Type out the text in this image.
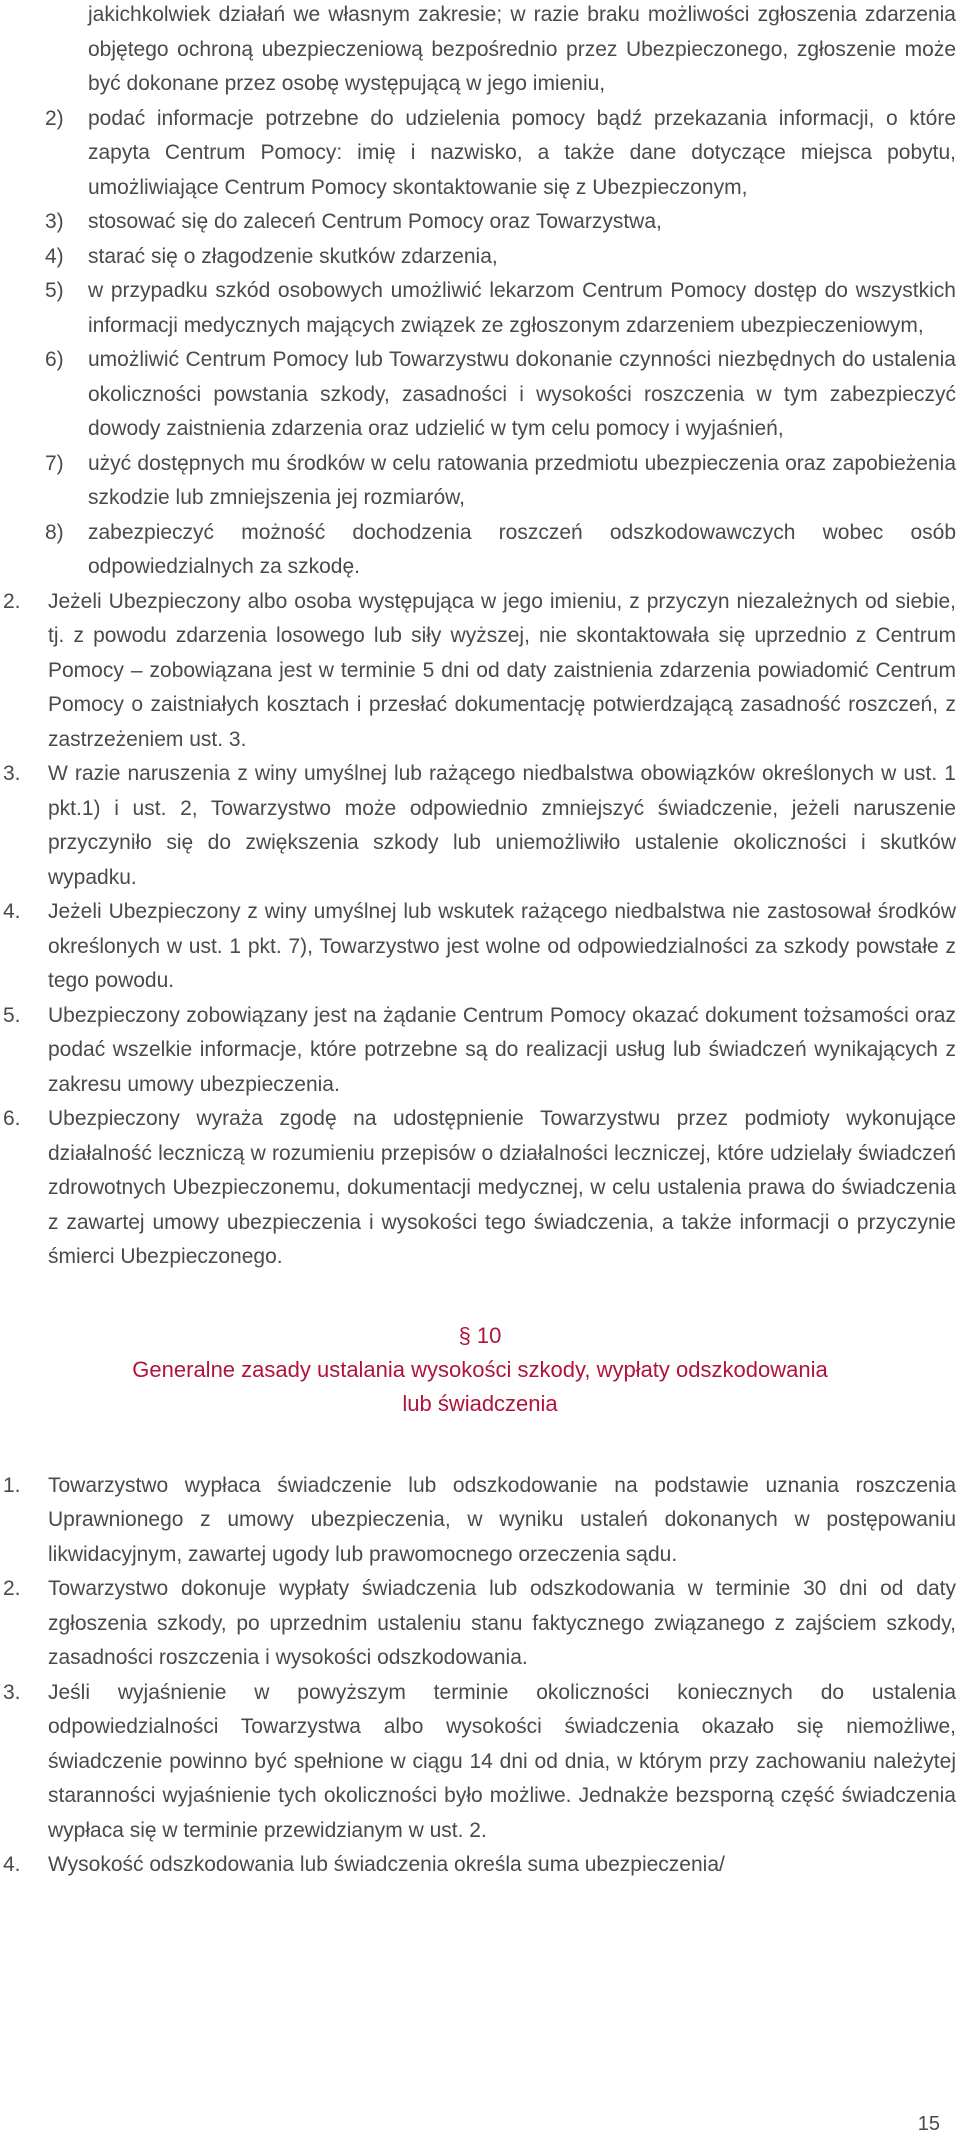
jakichkolwiek działań we własnym zakresie; w razie braku możliwości zgłoszenia zdarzenia objętego ochroną ubezpieczeniową bezpośrednio przez Ubezpieczonego, zgłoszenie może być dokonane przez osobę występującą w jego imieniu,

2)	podać informacje potrzebne do udzielenia pomocy bądź przekazania informacji, o które zapyta Centrum Pomocy: imię i nazwisko, a także dane dotyczące miejsca pobytu, umożliwiające Centrum Pomocy skontaktowanie się z Ubezpieczonym,
3)	stosować się do zaleceń Centrum Pomocy oraz Towarzystwa,
4)	starać się o złagodzenie skutków zdarzenia,
5)	w przypadku szkód osobowych umożliwić lekarzom Centrum Pomocy dostęp do wszystkich informacji medycznych mających związek ze zgłoszonym zdarzeniem ubezpieczeniowym,
6)	umożliwić Centrum Pomocy lub Towarzystwu dokonanie czynności niezbędnych do ustalenia okoliczności powstania szkody, zasadności i wysokości roszczenia w tym zabezpieczyć dowody zaistnienia zdarzenia oraz udzielić w tym celu pomocy i wyjaśnień,
7)	użyć dostępnych mu środków w celu ratowania przedmiotu ubezpieczenia oraz zapobieżenia szkodzie lub zmniejszenia jej rozmiarów,
8)	zabezpieczyć możność dochodzenia roszczeń odszkodowawczych wobec osób odpowiedzialnych za szkodę.
2.	Jeżeli Ubezpieczony albo osoba występująca w jego imieniu, z przyczyn niezależnych od siebie, tj. z powodu zdarzenia losowego lub siły wyższej, nie skontaktowała się uprzednio z Centrum Pomocy – zobowiązana jest w terminie 5 dni od daty zaistnienia zdarzenia powiadomić Centrum Pomocy o zaistniałych kosztach i przesłać dokumentację potwierdzającą zasadność roszczeń, z zastrzeżeniem ust. 3.
3.	W razie naruszenia z winy umyślnej lub rażącego niedbalstwa obowiązków określonych w ust. 1 pkt.1) i ust. 2, Towarzystwo może odpowiednio zmniejszyć świadczenie, jeżeli naruszenie przyczyniło się do zwiększenia szkody lub uniemożliwiło ustalenie okoliczności i skutków wypadku.
4.	Jeżeli Ubezpieczony z winy umyślnej lub wskutek rażącego niedbalstwa nie zastosował środków określonych w ust. 1 pkt. 7), Towarzystwo jest wolne od odpowiedzialności za szkody powstałe z tego powodu.
5.	Ubezpieczony zobowiązany jest na żądanie Centrum Pomocy okazać dokument tożsamości oraz podać wszelkie informacje, które potrzebne są do realizacji usług lub świadczeń wynikających z zakresu umowy ubezpieczenia.
6.	Ubezpieczony wyraża zgodę na udostępnienie Towarzystwu przez podmioty wykonujące działalność leczniczą w rozumieniu przepisów o działalności leczniczej, które udzielały świadczeń zdrowotnych Ubezpieczonemu, dokumentacji medycznej, w celu ustalenia prawa do świadczenia z zawartej umowy ubezpieczenia i wysokości tego świadczenia, a także informacji o przyczynie śmierci Ubezpieczonego.
§ 10
Generalne zasady ustalania wysokości szkody, wypłaty odszkodowania
lub świadczenia
1.	Towarzystwo wypłaca świadczenie lub odszkodowanie na podstawie uznania roszczenia Uprawnionego z umowy ubezpieczenia, w wyniku ustaleń dokonanych w postępowaniu likwidacyjnym, zawartej ugody lub prawomocnego orzeczenia sądu.
2.	Towarzystwo dokonuje wypłaty świadczenia lub odszkodowania w terminie 30 dni od daty zgłoszenia szkody, po uprzednim ustaleniu stanu faktycznego związanego z zajściem szkody, zasadności roszczenia i wysokości odszkodowania.
3.	Jeśli wyjaśnienie w powyższym terminie okoliczności koniecznych do ustalenia odpowiedzialności Towarzystwa albo wysokości świadczenia okazało się niemożliwe, świadczenie powinno być spełnione w ciągu 14 dni od dnia, w którym przy zachowaniu należytej staranności wyjaśnienie tych okoliczności było możliwe. Jednakże bezsporną część świadczenia wypłaca się w terminie przewidzianym w ust. 2.
4.	Wysokość odszkodowania lub świadczenia określa suma ubezpieczenia/
15
